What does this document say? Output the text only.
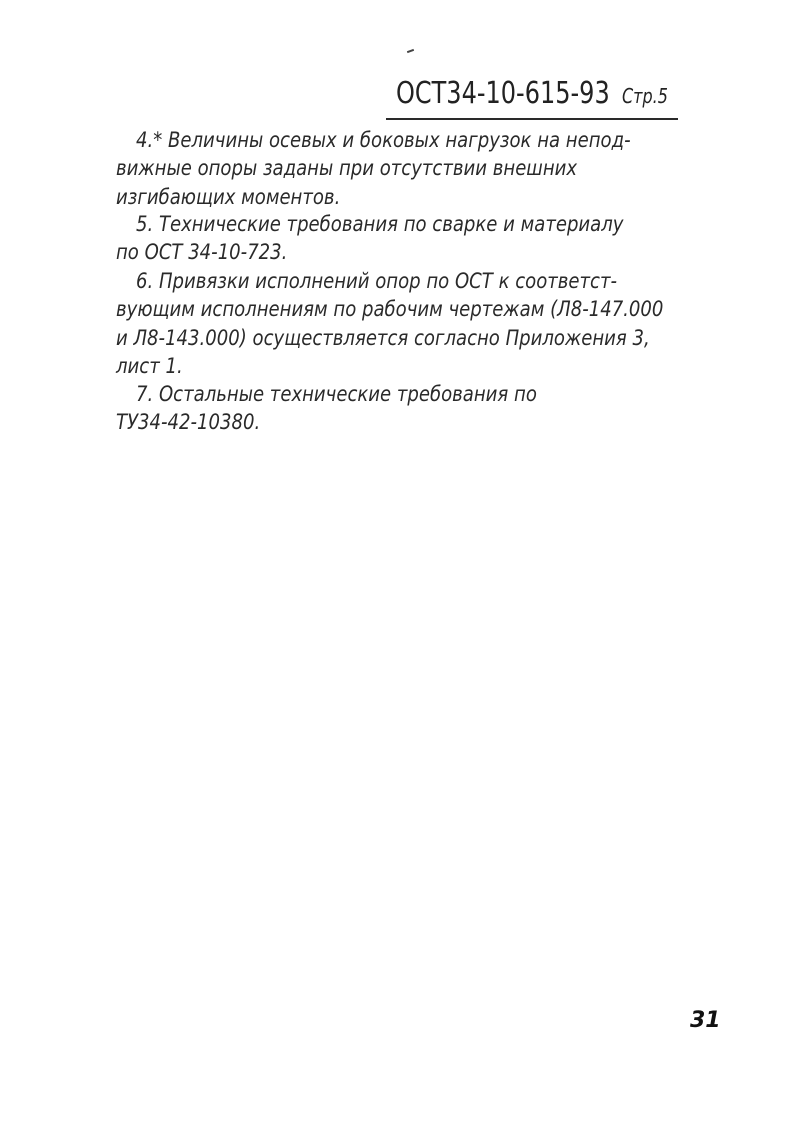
ОСТ34-10-615-93 Стр.5
4.* Величины осевых и боковых нагрузок на непод-
вижные опоры заданы при отсутствии внешних
изгибающих моментов.
5. Технические требования по сварке и материалу
по ОСТ 34-10-723.
6. Привязки исполнений опор по ОСТ к соответст-
вующим исполнениям по рабочим чертежам (Л8-147.000
и Л8-143.000) осуществляется согласно Приложения 3,
лист 1.
7. Остальные технические требования по
ТУ34-42-10380.
31
